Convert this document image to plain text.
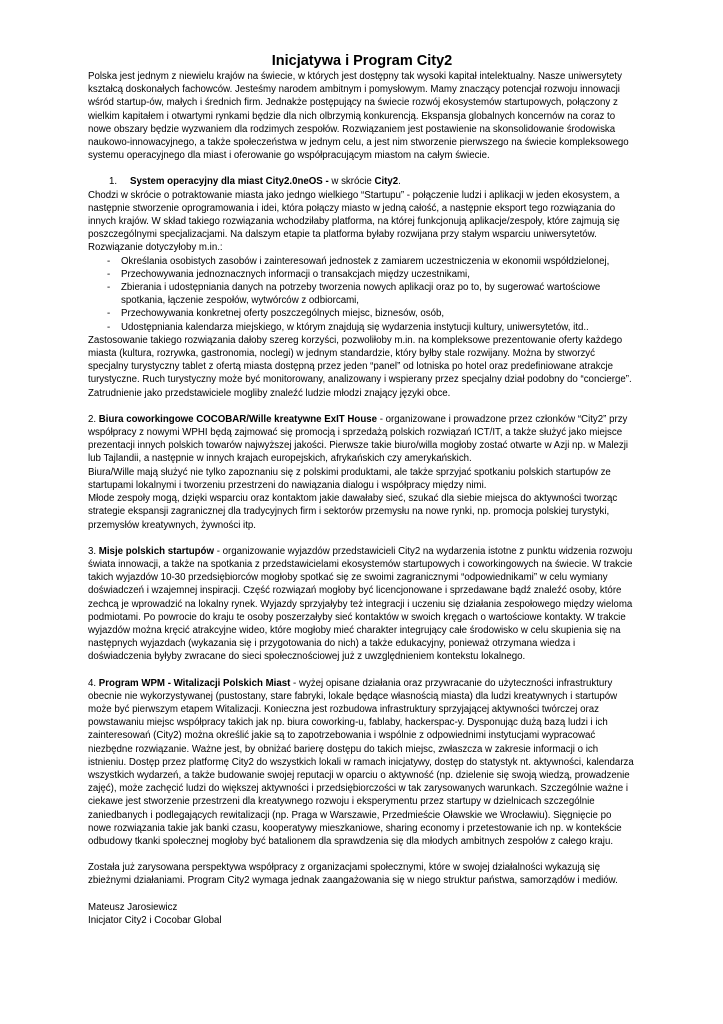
Inicjatywa i Program City2

Polska jest jednym z niewielu krajów na świecie, w których jest dostępny tak wysoki kapitał intelektualny. Nasze uniwersytety kształcą doskonałych fachowców. Jesteśmy narodem ambitnym i pomysłowym. Mamy znaczący potencjał rozwoju innowacji wśród startup-ów, małych i średnich firm. Jednakże postępujący na świecie rozwój ekosystemów startupowych, połączony z wielkim kapitałem i otwartymi rynkami będzie dla nich olbrzymią konkurencją. Ekspansja globalnych koncernów na coraz to nowe obszary będzie wyzwaniem dla rodzimych zespołów. Rozwiązaniem jest postawienie na skonsolidowanie środowiska naukowo-innowacyjnego, a także społeczeństwa w jednym celu, a jest nim stworzenie pierwszego na świecie kompleksowego systemu operacyjnego dla miast i oferowanie go współpracującym miastom na całym świecie.

1. System operacyjny dla miast City2.0neOS - w skrócie City2.

Chodzi w skrócie o potraktowanie miasta jako jedngo wielkiego “Startupu” - połączenie ludzi i aplikacji w jeden ekosystem, a następnie stworzenie oprogramowania i idei, która połączy miasto w jedną całość, a następnie eksport tego rozwiązania do innych krajów. W skład takiego rozwiązania wchodziłaby platforma, na której funkcjonują aplikacje/zespoły, które zajmują się poszczególnymi specjalizacjami. Na dalszym etapie ta platforma byłaby rozwijana przy stałym wsparciu uniwersytetów.

Rozwiązanie dotyczyłoby m.in.:

- Określania osobistych zasobów i zainteresowań jednostek z zamiarem uczestniczenia w ekonomii współdzielonej,
- Przechowywania jednoznacznych informacji o transakcjach między uczestnikami,
- Zbierania i udostępniania danych na potrzeby tworzenia nowych aplikacji oraz po to, by sugerować wartościowe spotkania, łączenie zespołów, wytwórców z odbiorcami,
- Przechowywania konkretnej oferty poszczególnych miejsc, biznesów, osób,
- Udostępniania kalendarza miejskiego, w którym znajdują się wydarzenia instytucji kultury, uniwersytetów, itd..

Zastosowanie takiego rozwiązania dałoby szereg korzyści, pozwoliłoby m.in. na kompleksowe prezentowanie oferty każdego miasta (kultura, rozrywka, gastronomia, noclegi) w jednym standardzie, który byłby stale rozwijany. Można by stworzyć specjalny turystyczny tablet z ofertą miasta dostępną przez jeden “panel” od lotniska po hotel oraz predefiniowane atrakcje turystyczne. Ruch turystyczny może być monitorowany, analizowany i wspierany przez specjalny dział podobny do “concierge”. Zatrudnienie jako przedstawiciele mogliby znaleźć ludzie młodzi znający języki obce.

2. Biura coworkingowe COCOBAR/Wille kreatywne ExIT House - organizowane i prowadzone przez członków “City2” przy współpracy z nowymi WPHI będą zajmować się promocją i sprzedażą polskich rozwiązań ICT/IT, a także służyć jako miejsce prezentacji innych polskich towarów najwyższej jakości. Pierwsze takie biuro/willa mogłoby zostać otwarte w Azji np. w Malezji lub Tajlandii, a następnie w innych krajach europejskich, afrykańskich czy amerykańskich.

Biura/Wille mają służyć nie tylko zapoznaniu się z polskimi produktami, ale także sprzyjać spotkaniu polskich startupów ze startupami lokalnymi i tworzeniu przestrzeni do nawiązania dialogu i współpracy między nimi.

Młode zespoły mogą, dzięki wsparciu oraz kontaktom jakie dawałaby sieć, szukać dla siebie miejsca do aktywności tworząc strategie ekspansji zagranicznej dla tradycyjnych firm i sektorów przemysłu na nowe rynki, np. promocja polskiej turystyki, przemysłów kreatywnych, żywności itp.

3. Misje polskich startupów - organizowanie wyjazdów przedstawicieli City2 na wydarzenia istotne z punktu widzenia rozwoju świata innowacji, a także na spotkania z przedstawicielami ekosystemów startupowych i coworkingowych na świecie. W trakcie takich wyjazdów 10-30 przedsiębiorców mogłoby spotkać się ze swoimi zagranicznymi “odpowiednikami” w celu wymiany doświadczeń i wzajemnej inspiracji. Część rozwiązań mogłoby być licencjonowane i sprzedawane bądź znaleźć osoby, które zechcą je wprowadzić na lokalny rynek. Wyjazdy sprzyjałyby też integracji i uczeniu się działania zespołowego między wieloma podmiotami. Po powrocie do kraju te osoby poszerzałyby sieć kontaktów w swoich kręgach o wartościowe kontakty. W trakcie wyjazdów można kręcić atrakcyjne wideo, które mogłoby mieć charakter integrujący całe środowisko w celu skupienia się na następnych wyjazdach (wykazania się i przygotowania do nich) a także edukacyjny, ponieważ otrzymana wiedza i doświadczenia byłyby zwracane do sieci społecznościowej już z uwzględnieniem kontekstu lokalnego.

4. Program WPM - Witalizacji Polskich Miast - wyżej opisane działania oraz przywracanie do użyteczności infrastruktury obecnie nie wykorzystywanej (pustostany, stare fabryki, lokale będące własnością miasta) dla ludzi kreatywnych i startupów może być pierwszym etapem Witalizacji. Konieczna jest rozbudowa infrastruktury sprzyjającej aktywności twórczej oraz powstawaniu miejsc współpracy takich jak np. biura coworking-u, fablaby, hackerspac-y. Dysponując dużą bazą ludzi i ich zainteresowań (City2) można określić jakie są to zapotrzebowania i wspólnie z odpowiednimi instytucjami wypracować niezbędne rozwiązanie. Ważne jest, by obniżać barierę dostępu do takich miejsc, zwłaszcza w zakresie informacji o ich istnieniu. Dostęp przez platformę City2 do wszystkich lokali w ramach inicjatywy, dostęp do statystyk nt. aktywności, kalendarza wszystkich wydarzeń, a także budowanie swojej reputacji w oparciu o aktywność (np. dzielenie się swoją wiedzą, prowadzenie zajęć), może zachęcić ludzi do większej aktywności i przedsiębiorczości w tak zarysowanych warunkach. Szczególnie ważne i ciekawe jest stworzenie przestrzeni dla kreatywnego rozwoju i eksperymentu przez startupy w dzielnicach szczególnie zaniedbanych i podlegających rewitalizacji (np. Praga w Warszawie, Przedmieście Oławskie we Wrocławiu). Sięgnięcie po nowe rozwiązania takie jak banki czasu, kooperatywy mieszkaniowe, sharing economy i przetestowanie ich np. w kontekście odbudowy tkanki społecznej mogłoby być batalionem dla sprawdzenia się dla młodych ambitnych zespołów z całego kraju.

Została już zarysowana perspektywa współpracy z organizacjami społecznymi, które w swojej działalności wykazują się zbieżnymi działaniami. Program City2 wymaga jednak zaangażowania się w niego struktur państwa, samorządów i mediów.

Mateusz Jarosiewicz

Inicjator City2 i Cocobar Global
